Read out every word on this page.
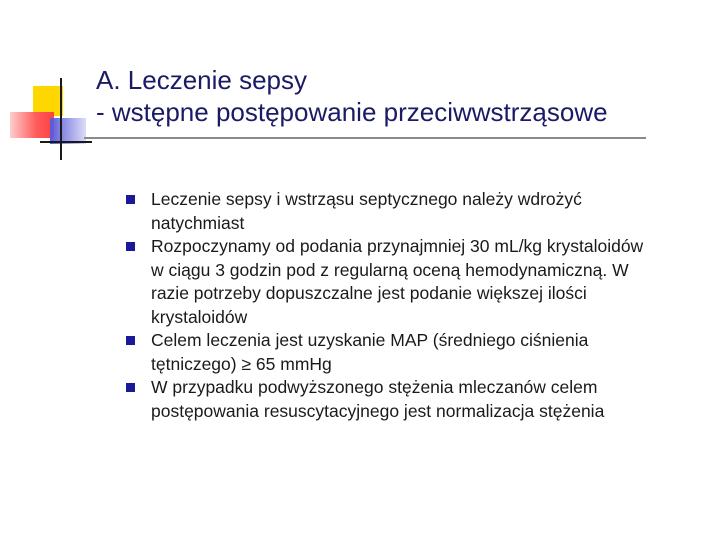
A. Leczenie sepsy
- wstępne postępowanie przeciwwstrząsowe
Leczenie sepsy i wstrząsu septycznego należy wdrożyć natychmiast
Rozpoczynamy od podania przynajmniej 30 mL/kg krystaloidów w ciągu 3 godzin pod z regularną oceną hemodynamiczną. W razie potrzeby dopuszczalne jest podanie większej ilości krystaloidów
Celem leczenia jest uzyskanie MAP (średniego ciśnienia tętniczego) ≥ 65 mmHg
W przypadku podwyższonego stężenia mleczanów celem postępowania resuscytacyjnego jest normalizacja stężenia
